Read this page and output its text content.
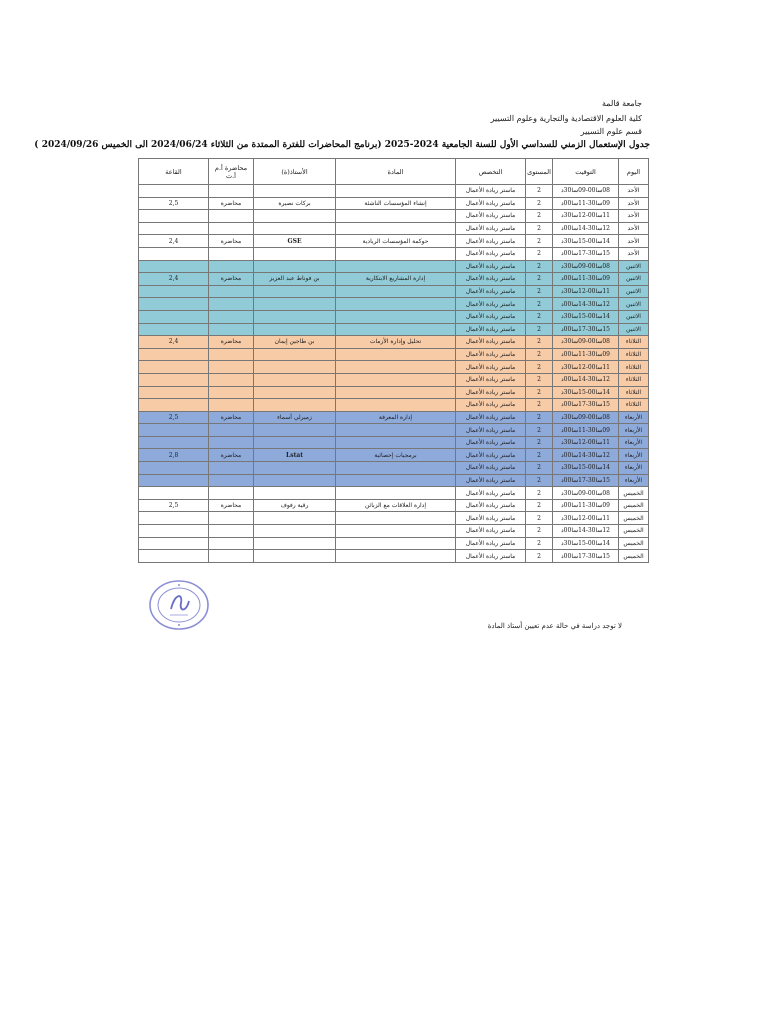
جامعة قالمة
كلية العلوم الاقتصادية والتجارية وعلوم التسيير
قسم علوم التسيير
جدول الإستعمال الزمني للسداسي الأول للسنة الجامعية 2024-2025 (برنامج المحاضرات للفترة الممتدة من الثلاثاء 2024/06/24 الى الخميس 2024/09/26 )
اليوم	التوقيت	المستوى	التخصص	المادة	الأستاذ(ة)	محاضرة أ.م أ.ت	القاعة
الأحد	08سا00-09سا30د	2	ماستر ريادة الأعمال				
الأحد	09سا30-11سا00د	2	ماستر ريادة الأعمال	إنشاء المؤسسات الناشئة	بركات نصيرة	محاضرة	2,5
الأحد	11سا00-12سا30د	2	ماستر ريادة الأعمال				
الأحد	12سا30-14سا00د	2	ماستر ريادة الأعمال				
الأحد	14سا00-15سا30د	2	ماستر ريادة الأعمال	حوكمة المؤسسات الريادية	GSE	محاضرة	2,4
الأحد	15سا30-17سا00د	2	ماستر ريادة الأعمال				
الاثنين	08سا00-09سا30د	2	ماستر ريادة الأعمال				
الاثنين	09سا30-11سا00د	2	ماستر ريادة الأعمال	إدارة المشاريع الابتكارية	بن فوناط عبد العزيز	محاضرة	2,4
الاثنين	11سا00-12سا30د	2	ماستر ريادة الأعمال				
الاثنين	12سا30-14سا00د	2	ماستر ريادة الأعمال				
الاثنين	14سا00-15سا30د	2	ماستر ريادة الأعمال				
الاثنين	15سا30-17سا00د	2	ماستر ريادة الأعمال				
الثلاثاء	08سا00-09سا30د	2	ماستر ريادة الأعمال	تحليل وإدارة الأزمات	بن طاجين إيمان	محاضرة	2,4
الثلاثاء	09سا30-11سا00د	2	ماستر ريادة الأعمال				
الثلاثاء	11سا00-12سا30د	2	ماستر ريادة الأعمال				
الثلاثاء	12سا30-14سا00د	2	ماستر ريادة الأعمال				
الثلاثاء	14سا00-15سا30د	2	ماستر ريادة الأعمال				
الثلاثاء	15سا30-17سا00د	2	ماستر ريادة الأعمال				
الأربعاء	08سا00-09سا30د	2	ماستر ريادة الأعمال	إدارة المعرفة	زميرلي أسماء	محاضرة	2,5
الأربعاء	09سا30-11سا00د	2	ماستر ريادة الأعمال				
الأربعاء	11سا00-12سا30د	2	ماستر ريادة الأعمال				
الأربعاء	12سا30-14سا00د	2	ماستر ريادة الأعمال	برمجيات إحصائية	Lstat	محاضرة	2,8
الأربعاء	14سا00-15سا30د	2	ماستر ريادة الأعمال				
الأربعاء	15سا30-17سا00د	2	ماستر ريادة الأعمال				
الخميس	08سا00-09سا30د	2	ماستر ريادة الأعمال				
الخميس	09سا30-11سا00د	2	ماستر ريادة الأعمال	إدارة العلاقات مع الزبائن	رقية رفوف	محاضرة	2,5
الخميس	11سا00-12سا30د	2	ماستر ريادة الأعمال				
الخميس	12سا30-14سا00د	2	ماستر ريادة الأعمال				
الخميس	14سا00-15سا30د	2	ماستر ريادة الأعمال				
الخميس	15سا30-17سا00د	2	ماستر ريادة الأعمال				
لا توجد دراسة في حالة عدم تعيين أستاذ المادة
